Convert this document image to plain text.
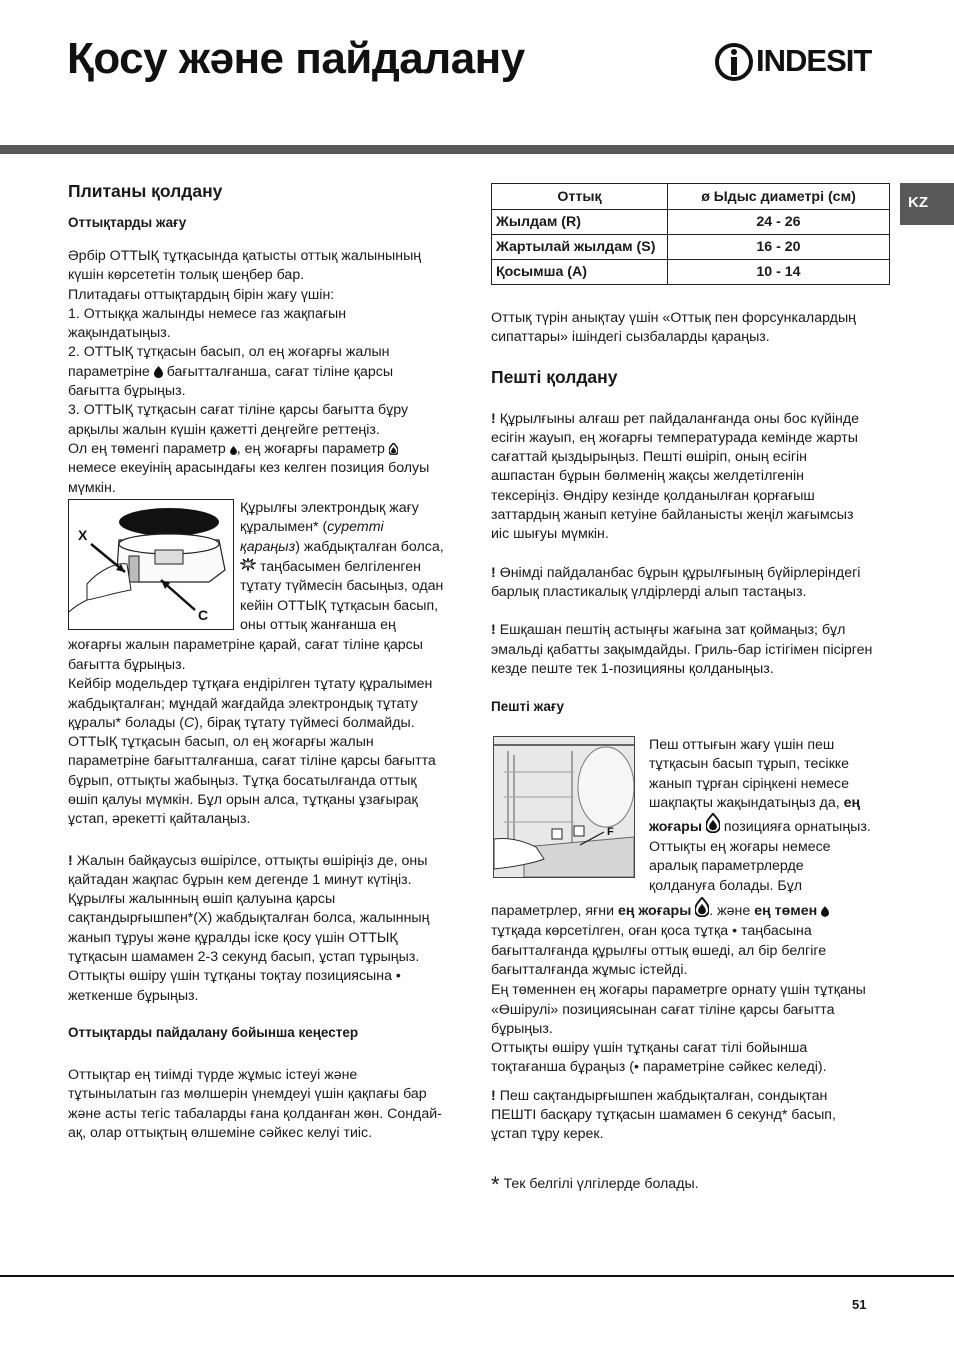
Қосу және пайдалану	INDESIT
KZ
Плитаны қолдану
Оттықтарды жағу

Әрбір ОТТЫҚ тұтқасында қатысты оттық жалынының күшін көрсететін толық шеңбер бар.

Плитадағы оттықтардың бірін жағу үшін:

1. Оттыққа жалынды немесе газ жақпағын жақындатыңыз.

2. ОТТЫҚ тұтқасын басып, ол ең жоғарғы жалын параметріне бағытталғанша, сағат тіліне қарсы бағытта бұрыңыз.

3. ОТТЫҚ тұтқасын сағат тіліне қарсы бағытта бұру арқылы жалын күшін қажетті деңгейге реттеңіз.

Ол ең төменгі параметр , ең жоғарғы параметр  немесе екеуінің арасындағы кез келген позиция болуы мүмкін.

X
C

Құрылғы электрондық жағу құралымен* (суретті қараңыз) жабдықталған болса,  таңбасымен белгіленген тұтату түймесін басыңыз, одан кейін ОТТЫҚ тұтқасын басып, оны оттық жанғанша ең жоғарғы жалын параметріне қарай, сағат тіліне қарсы бағытта бұрыңыз.

Кейбір модельдер тұтқаға ендірілген тұтату құралымен жабдықталған; мұндай жағдайда электрондық тұтату құралы* болады (C), бірақ тұтату түймесі болмайды. ОТТЫҚ тұтқасын басып, ол ең жоғарғы жалын параметріне бағытталғанша, сағат тіліне қарсы бағытта бұрып, оттықты жабыңыз. Тұтқа босатылғанда оттық өшіп қалуы мүмкін. Бұл орын алса, тұтқаны ұзағырақ ұстап, әрекетті қайталаңыз.

! Жалын байқаусыз өшірілсе, оттықты өшіріңіз де, оны қайтадан жақпас бұрын кем дегенде 1 минут күтіңіз.

Құрылғы жалынның өшіп қалуына қарсы сақтандырғышпен*(X) жабдықталған болса, жалынның жанып тұруы және құралды іске қосу үшін ОТТЫҚ тұтқасын шамамен 2-3 секунд басып, ұстап тұрыңыз.

Оттықты өшіру үшін тұтқаны тоқтау позициясына • жеткенше бұрыңыз.

Оттықтарды пайдалану бойынша кеңестер

Оттықтар ең тиімді түрде жұмыс істеуі және тұтынылатын газ мөлшерін үнемдеуі үшін қақпағы бар және асты тегіс табаларды ғана қолданған жөн. Сондай-ақ, олар оттықтың өлшеміне сәйкес келуі тиіс.

Оттық	ø Ыдыс диаметрі (см)
Жылдам (R)	24 - 26
Жартылай жылдам (S)	16 - 20
Қосымша (А)	10 - 14

Оттық түрін анықтау үшін «Оттық пен форсункалардың сипаттары» ішіндегі сызбаларды қараңыз.

Пешті қолдану

! Құрылғыны алғаш рет пайдаланғанда оны бос күйінде есігін жауып, ең жоғарғы температурада кемінде жарты сағаттай қыздырыңыз. Пешті өшіріп, оның есігін ашпастан бұрын бөлменің жақсы желдетілгенін тексеріңіз. Өндіру кезінде қолданылған қорғағыш заттардың жанып кетуіне байланысты жеңіл жағымсыз иіс шығуы мүмкін.

! Өнімді пайдаланбас бұрын құрылғының бүйірлеріндегі барлық пластикалық үлдірлерді алып тастаңыз.

! Ешқашан пештің астыңғы жағына зат қоймаңыз; бұл эмальді қабатты зақымдайды. Гриль-бар істігімен пісірген кезде пеште тек 1-позицияны қолданыңыз.

Пешті жағу
F

Пеш оттығын жағу үшін пеш тұтқасын басып тұрып, тесікке жанып тұрған сіріңкені немесе шақпақты жақындатыңыз да, ең жоғары позицияға орнатыңыз.

Оттықты ең жоғары немесе аралық параметрлерде қолдануға болады. Бұл параметрлер, яғни ең жоғары . және ең төмен  тұтқада көрсетілген, оған қоса тұтқа • таңбасына бағытталғанда құрылғы оттық өшеді, ал бір белгіге бағытталғанда жұмыс істейді.

Ең төменнен ең жоғары параметрге орнату үшін тұтқаны «Өшірулі» позициясынан сағат тіліне қарсы бағытта бұрыңыз.

Оттықты өшіру үшін тұтқаны сағат тілі бойынша тоқтағанша бұраңыз (• параметріне сәйкес келеді).

! Пеш сақтандырғышпен жабдықталған, сондықтан ПЕШТІ басқару тұтқасын шамамен 6 секунд* басып, ұстап тұру керек.

* Тек белгілі үлгілерде болады.

51
